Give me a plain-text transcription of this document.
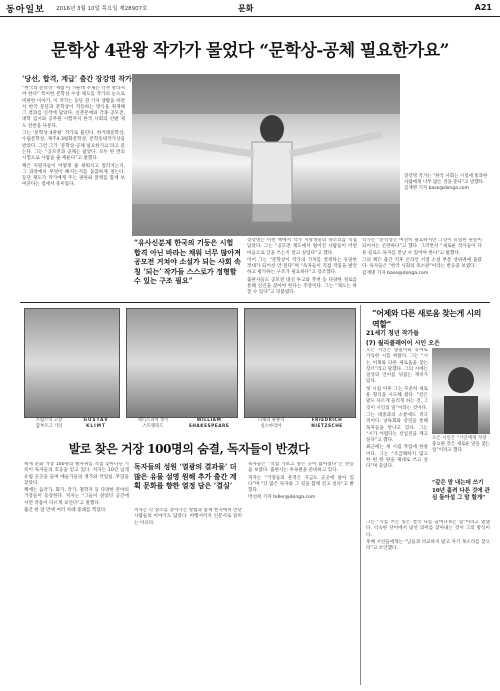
동아일보 2016년 3월 10일 목요일 제28907호	문화	A21
문학상 4관왕 작가가 물었다 “문학상-공체 필요한가요”
‘당선, 합격, 계급’ 출간 장강명 작가

“한국의 문학상 ‘제법’이 가운데 주제는 너무 달라져야 한다” 특이한 문학상 수상 제도를 작가의 눈으로 비판한 이야기. 이 작가는 등단 전 기자 생활을 하면서 한국 문단과 문학상이 작동하는 방식을 취재해 그 결과를 신작에 담았다. 신춘문예와 각종 공모전, 대학 입시와 공무원 시험까지 한국 사회의 선발 제도 전반을 다룬다.

그는 ‘문학상 4관왕’ 작가로 불린다. 한겨레문학상, 수림문학상, 제주4·3평화문학상, 문학동네작가상을 받았다. 그런 그가 ‘문학상-공채 필요한가요’라고 묻는다. 그는 “공모전과 공채는 닮았다. 모두 한 번의 시험으로 사람을 줄 세운다”고 말했다.

책은 지원자들이 어떻게 줄 세워지고 걸러지는지, 그 과정에서 무엇이 빠지는지를 꼼꼼하게 짚는다. 등단 제도가 작가에게 주는 권위와 굴레를 함께 보여준다는 점에서 흥미롭다.

장강명 작가는 “한국 사회는 시험에 통과한 사람에게 너무 많은 것을 준다”고 말했다. 김재명 기자 base@donga.com
“유사신분제 한국의 기둥은 시험 합격 아닌 바라는 채워 너무 많아져 공모전 거쳐야 소설가 되는 사회 속칭 ‘되는’ 작가들 스스로가 정형할 수 있는 구조 필요”

장강명은 이번 책에서 작가 지망생들의 목소리를 직접 담았다. 그는 “공모전 제도에서 떨어진 사람들이 어떤 마음으로 글을 쓰는지 알고 싶었다”고 했다.

이어 그는 “문학상이 작가의 가치를 결정하는 유일한 잣대가 되어선 안 된다”며 “독자들이 직접 작품을 발견하고 평가하는 구조가 필요하다”고 강조했다.

출판사들도 공모전 대신 투고와 추천 등 다양한 경로를 통해 신인을 찾아야 한다는 주장이다. 그는 “제도는 바꿀 수 있다”고 덧붙였다.

작가는 “문학상은 여전히 필요하지만 그것이 유일한 관문이 되어서는 곤란하다”고 했다. 그러면서 “새로운 작가들이 다른 길로도 독자를 만날 수 있어야 한다”고 말했다.

그의 책은 출간 직후 온라인 서점 소설 부문 상위권에 올랐다. 독자들은 “한국 사회의 축소판”이라는 반응을 보였다.

김재명 기자 base@donga.com

“어제와 다른 새로움 찾는게 시의 역할”
21세기 청년 작가들
(7) 월리콜레어어 시인 오은

오은 시인은 말놀이와 유머로 가득한 시를 써왔다. 그는 “시는 어제와 다른 새로움을 찾는 장르”라고 말했다. 그의 시에는 일상의 언어를 뒤집는 재치가 있다.

첫 시집 이후 그는 꾸준히 새로운 형식을 시도해 왔다. “같은 말도 다르게 들리게 하는 것, 그것이 시인의 일”이라는 것이다.

그는 대중과의 소통에도 적극적이다. 낭독회와 강연을 통해 독자들을 만나고 있다. 그는 “시가 어렵다는 선입견을 깨고 싶다”고 했다.

최근에는 새 시집 작업에 한창이다. 그는 “조급해하지 않고 한 편 한 편을 제대로 쓰고 싶다”며 웃었다.

오은 시인은 “시인에게 가장 중요한 것은 새로운 말을 찾는 일”이라고 했다.
“같은 말 내는데 쓰기 10년 흘려 다른 것에 관심 돌아설 그 말 할게”

그는 “시를 쓰는 일은 결국 나를 들여다보는 일”이라고 말했다. 익숙한 단어에서 낯선 의미를 찾아내는 것이 그의 방식이다.

후배 시인들에게는 “남들과 비교하지 말고 자기 목소리를 찾으라”고 조언했다.

브람스의 고향
함부르크 거리
GUSTAV
KLIMT
셰익스피어 생가
스트랫퍼드
WILLIAM
SHAKESPEARE
니체의 휴양지
실스마리아
FRIEDRICH
NIETZSCHE
발로 찾은 거장 100명의 숨결, 독자들이 반겼다

세계 문화 거장 100명의 발자취를 직접 찾아다닌 기록이 독자들의 호응을 얻고 있다. 저자는 10년 넘게 유럽 곳곳을 돌며 예술가들의 생가와 작업실, 무덤을 찾았다.

책에는 음악가, 화가, 작가, 철학자 등 다양한 분야의 거장들이 등장한다. 저자는 “그들이 살았던 공간에 서면 작품이 다르게 보인다”고 말했다.

출간 한 달 만에 여러 차례 중쇄를 찍었다.

독자들의 성원 ‘열광의 결과물’ 더 많은 유물 설명 원해 추가 출간 계획 문화를 향한 열정 담은 ‘결실’

저자는 각 장소를 찾아가는 방법과 함께 현지에서 만난 사람들의 이야기도 담았다. 여행서이자 인문서로 읽히는 이유다.

독자들은 “직접 가보고 싶은 곳이 많아졌다”는 반응을 보였다. 출판사는 후속편을 준비하고 있다.

저자는 “거장들의 흔적은 지금도 곳곳에 살아 있다”며 “더 많은 독자와 그 길을 함께 걷고 싶다”고 밝혔다.

박선희 기자 teller@donga.com
